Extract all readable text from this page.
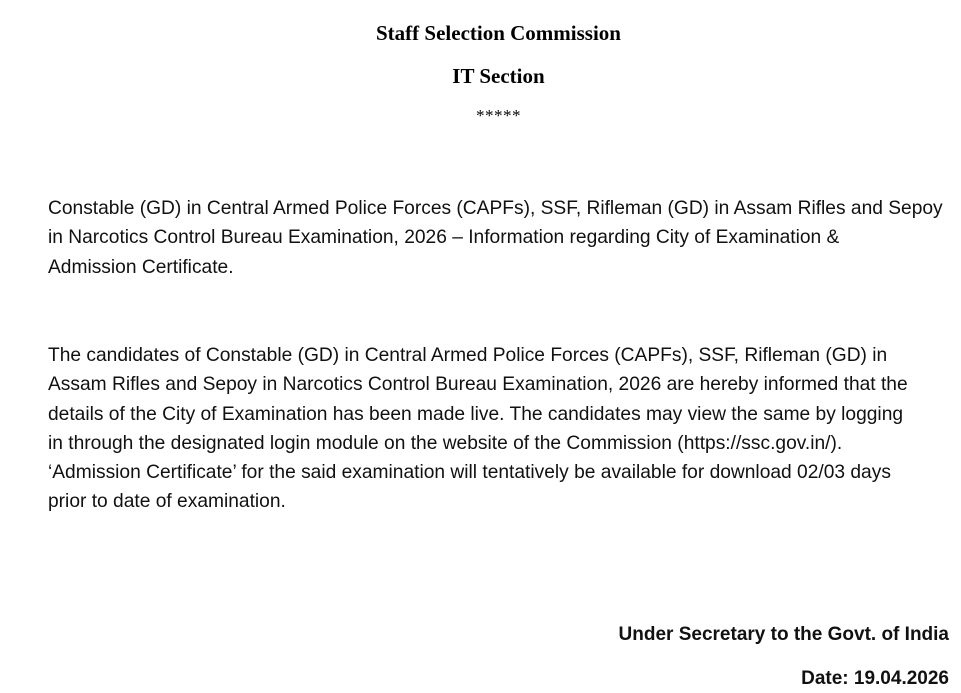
Staff Selection Commission
IT Section
*****

Constable (GD) in Central Armed Police Forces (CAPFs), SSF, Rifleman (GD) in Assam Rifles and Sepoy
in Narcotics Control Bureau Examination, 2026 – Information regarding City of Examination &
Admission Certificate.

The candidates of Constable (GD) in Central Armed Police Forces (CAPFs), SSF, Rifleman (GD) in
Assam Rifles and Sepoy in Narcotics Control Bureau Examination, 2026 are hereby informed that the
details of the City of Examination has been made live. The candidates may view the same by logging
in through the designated login module on the website of the Commission (https://ssc.gov.in/).
‘Admission Certificate’ for the said examination will tentatively be available for download 02/03 days
prior to date of examination.

Under Secretary to the Govt. of India
Date: 19.04.2026
